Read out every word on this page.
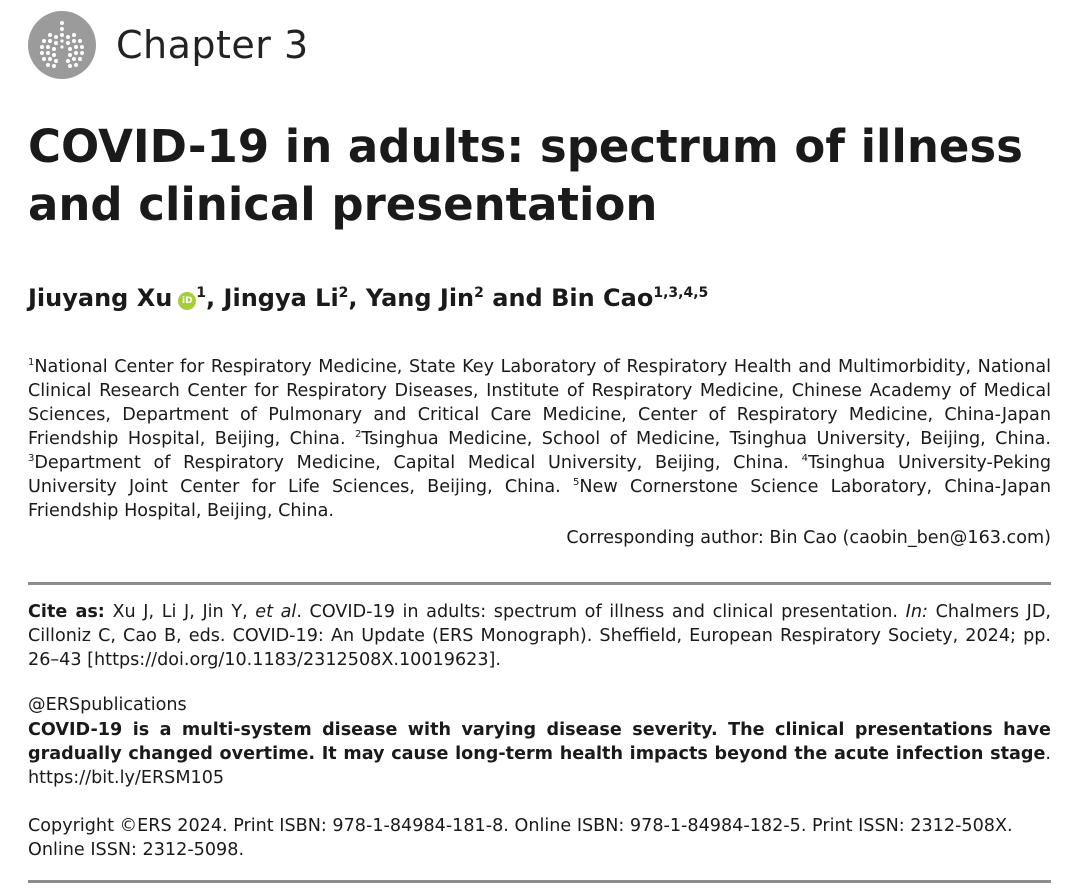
Chapter 3
COVID-19 in adults: spectrum of illness and clinical presentation
Jiuyang Xu iD $^1$, Jingya Li$^2$, Yang Jin$^2$ and Bin Cao$^{1,3,4,5}$
$^1$National Center for Respiratory Medicine, State Key Laboratory of Respiratory Health and Multimorbidity, National Clinical Research Center for Respiratory Diseases, Institute of Respiratory Medicine, Chinese Academy of Medical Sciences, Department of Pulmonary and Critical Care Medicine, Center of Respiratory Medicine, China-Japan Friendship Hospital, Beijing, China. $^2$Tsinghua Medicine, School of Medicine, Tsinghua University, Beijing, China. $^3$Department of Respiratory Medicine, Capital Medical University, Beijing, China. $^4$Tsinghua University-Peking University Joint Center for Life Sciences, Beijing, China. $^5$New Cornerstone Science Laboratory, China-Japan Friendship Hospital, Beijing, China.
Corresponding author: Bin Cao (caobin_ben@163.com)
Cite as: Xu J, Li J, Jin Y, et al. COVID-19 in adults: spectrum of illness and clinical presentation. In: Chalmers JD, Cilloniz C, Cao B, eds. COVID-19: An Update (ERS Monograph). Sheffield, European Respiratory Society, 2024; pp. 26–43 [https://doi.org/10.1183/2312508X.10019623].
@ERSpublications
COVID-19 is a multi-system disease with varying disease severity. The clinical presentations have gradually changed overtime. It may cause long-term health impacts beyond the acute infection stage. https://bit.ly/ERSM105
Copyright ©ERS 2024. Print ISBN: 978-1-84984-181-8. Online ISBN: 978-1-84984-182-5. Print ISSN: 2312-508X. Online ISSN: 2312-5098.
